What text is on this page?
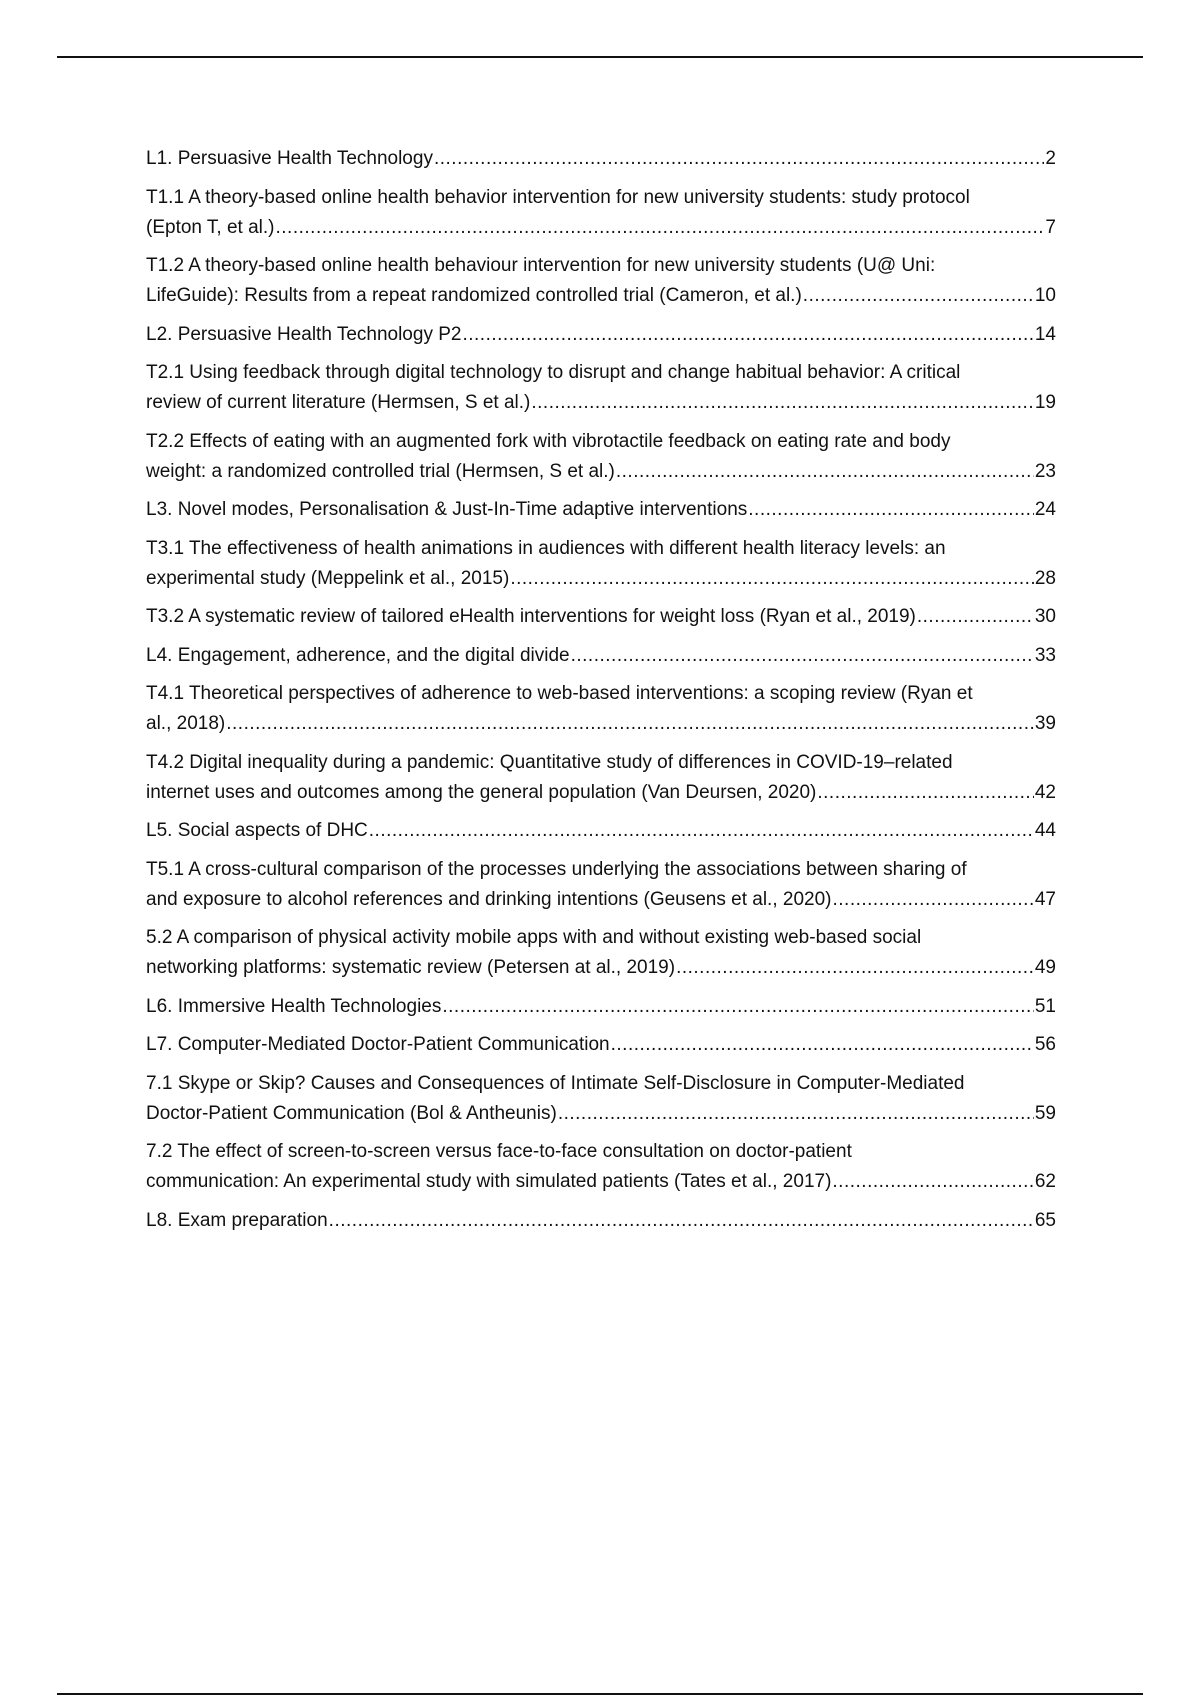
L1. Persuasive Health Technology .....	2
T1.1 A theory-based online health behavior intervention for new university students: study protocol
(Epton T, et al.) .....	7
T1.2 A theory-based online health behaviour intervention for new university students (U@ Uni:
LifeGuide): Results from a repeat randomized controlled trial (Cameron, et al.) .....	10
L2. Persuasive Health Technology P2 .....	14
T2.1 Using feedback through digital technology to disrupt and change habitual behavior: A critical
review of current literature (Hermsen, S et al.) .....	19
T2.2 Effects of eating with an augmented fork with vibrotactile feedback on eating rate and body
weight: a randomized controlled trial (Hermsen, S et al.) .....	23
L3. Novel modes, Personalisation & Just-In-Time adaptive interventions .....	24
T3.1 The effectiveness of health animations in audiences with different health literacy levels: an
experimental study (Meppelink et al., 2015) .....	28
T3.2 A systematic review of tailored eHealth interventions for weight loss (Ryan et al., 2019) .....	30
L4. Engagement, adherence, and the digital divide .....	33
T4.1 Theoretical perspectives of adherence to web-based interventions: a scoping review (Ryan et
al., 2018) .....	39
T4.2 Digital inequality during a pandemic: Quantitative study of differences in COVID-19–related
internet uses and outcomes among the general population (Van Deursen, 2020) .....	42
L5. Social aspects of DHC .....	44
T5.1 A cross-cultural comparison of the processes underlying the associations between sharing of
and exposure to alcohol references and drinking intentions (Geusens et al., 2020) .....	47
5.2 A comparison of physical activity mobile apps with and without existing web-based social
networking platforms: systematic review (Petersen at al., 2019) .....	49
L6. Immersive Health Technologies .....	51
L7. Computer-Mediated Doctor-Patient Communication .....	56
7.1 Skype or Skip? Causes and Consequences of Intimate Self-Disclosure in Computer-Mediated
Doctor-Patient Communication (Bol & Antheunis) .....	59
7.2 The effect of screen-to-screen versus face-to-face consultation on doctor-patient
communication: An experimental study with simulated patients (Tates et al., 2017) .....	62
L8. Exam preparation .....	65
